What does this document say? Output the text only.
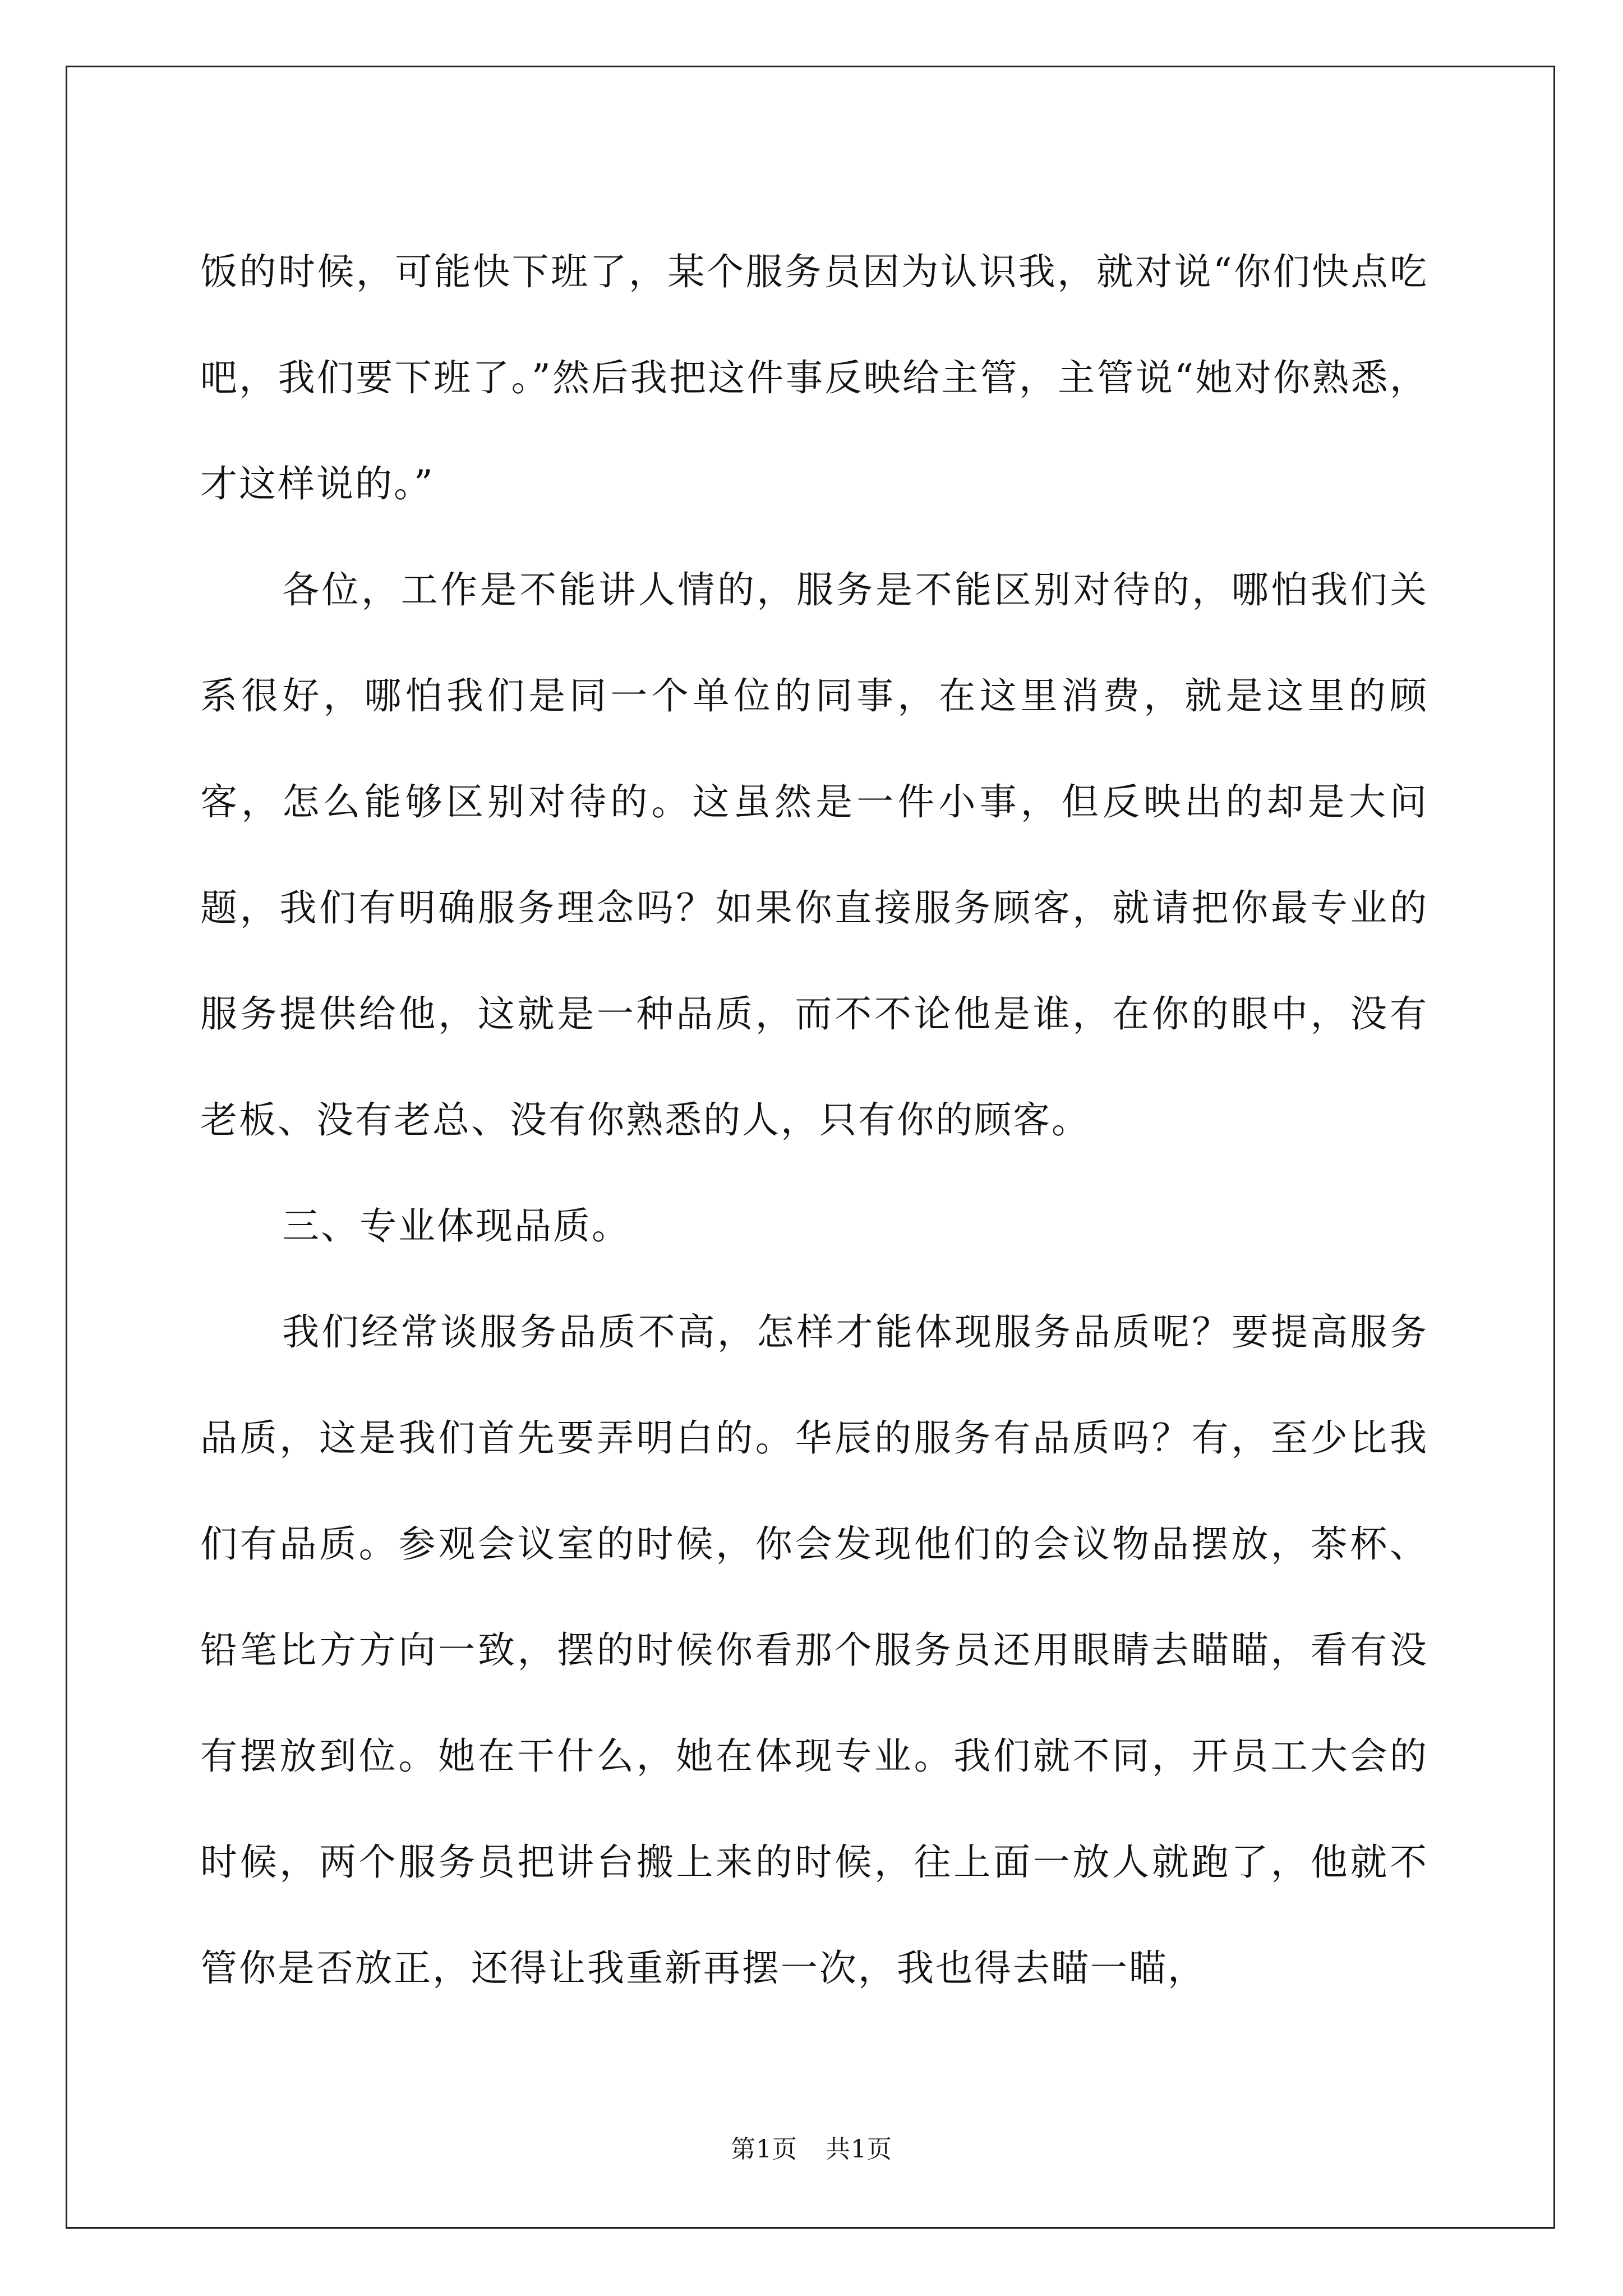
饭的时候，可能快下班了，某个服务员因为认识我，就对说“你们快点吃吧，我们要下班了。”然后我把这件事反映给主管，主管说“她对你熟悉，才这样说的。”

各位，工作是不能讲人情的，服务是不能区别对待的，哪怕我们关系很好，哪怕我们是同一个单位的同事，在这里消费，就是这里的顾客，怎么能够区别对待的。这虽然是一件小事，但反映出的却是大问题，我们有明确服务理念吗？如果你直接服务顾客，就请把你最专业的服务提供给他，这就是一种品质，而不不论他是谁，在你的眼中，没有老板、没有老总、没有你熟悉的人，只有你的顾客。

三、专业体现品质。

我们经常谈服务品质不高，怎样才能体现服务品质呢？要提高服务品质，这是我们首先要弄明白的。华辰的服务有品质吗？有，至少比我们有品质。参观会议室的时候，你会发现他们的会议物品摆放，茶杯、铅笔比方方向一致，摆的时候你看那个服务员还用眼睛去瞄瞄，看有没有摆放到位。她在干什么，她在体现专业。我们就不同，开员工大会的时候，两个服务员把讲台搬上来的时候，往上面一放人就跑了，他就不管你是否放正，还得让我重新再摆一次，我也得去瞄一瞄，

第1页 共1页
